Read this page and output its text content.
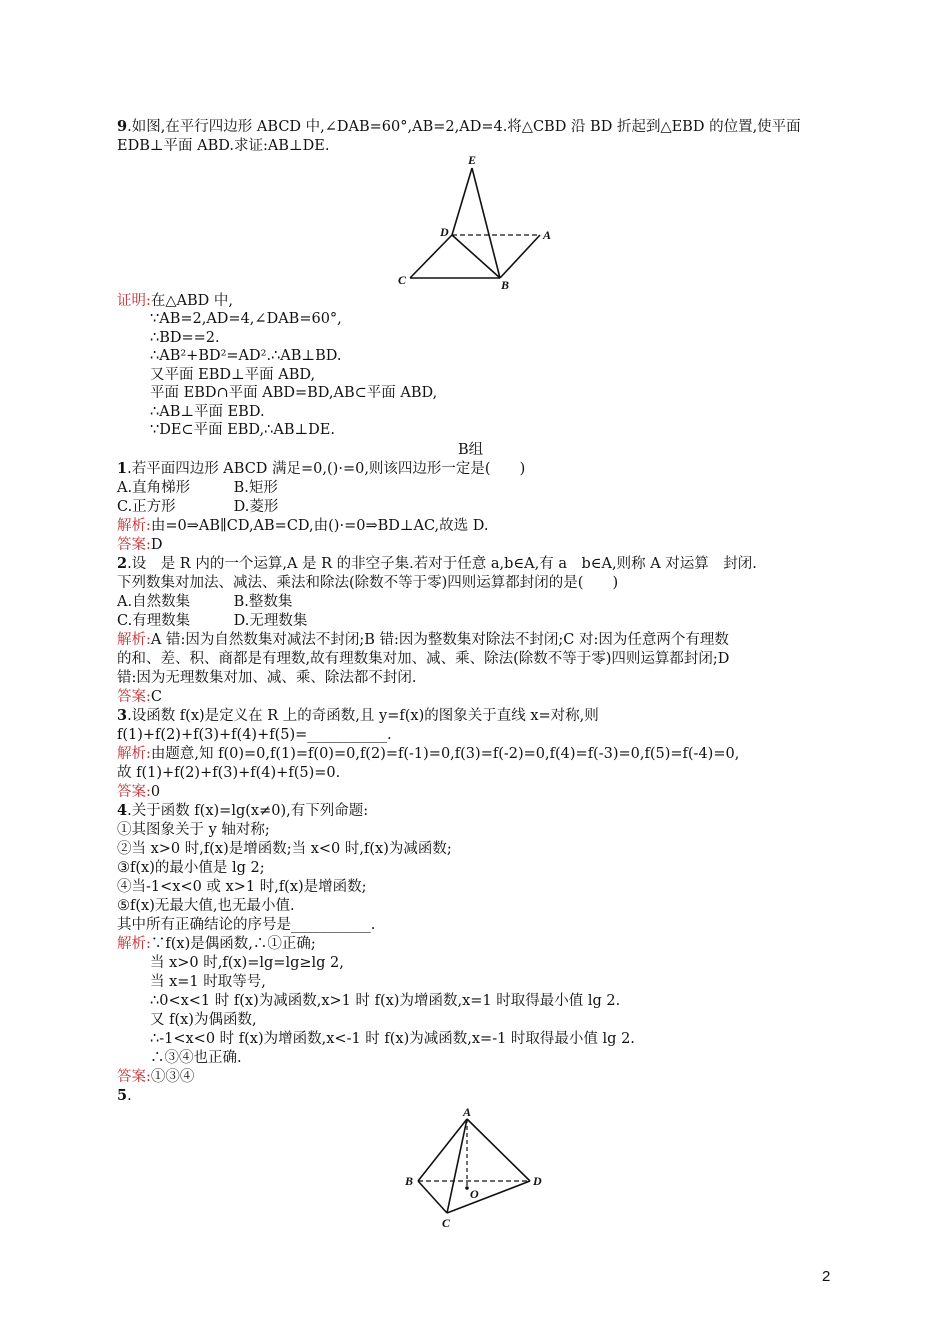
9.如图,在平行四边形 ABCD 中,∠DAB=60°,AB=2,AD=4.将△CBD 沿 BD 折起到△EBD 的位置,使平面
EDB⊥平面 ABD.求证:AB⊥DE.
证明:在△ABD 中,
∵AB=2,AD=4,∠DAB=60°,
∴BD==2.
∴AB²+BD²=AD².∴AB⊥BD.
又平面 EBD⊥平面 ABD,
平面 EBD∩平面 ABD=BD,AB⊂平面 ABD,
∴AB⊥平面 EBD.
∵DE⊂平面 EBD,∴AB⊥DE.
B组
1.若平面四边形 ABCD 满足=0,()·=0,则该四边形一定是(　　)
A.直角梯形　　　B.矩形
C.正方形　　　　D.菱形
解析:由=0⇒AB∥CD,AB=CD,由()·=0⇒BD⊥AC,故选 D.
答案:D
2.设　是 R 内的一个运算,A 是 R 的非空子集.若对于任意 a,b∈A,有 a　b∈A,则称 A 对运算　封闭.
下列数集对加法、减法、乘法和除法(除数不等于零)四则运算都封闭的是(　　)
A.自然数集　　　B.整数集
C.有理数集　　　D.无理数集
解析:A 错:因为自然数集对减法不封闭;B 错:因为整数集对除法不封闭;C 对:因为任意两个有理数
的和、差、积、商都是有理数,故有理数集对加、减、乘、除法(除数不等于零)四则运算都封闭;D
错:因为无理数集对加、减、乘、除法都不封闭.
答案:C
3.设函数 f(x)是定义在 R 上的奇函数,且 y=f(x)的图象关于直线 x=对称,则
f(1)+f(2)+f(3)+f(4)+f(5)=___________.
解析:由题意,知 f(0)=0,f(1)=f(0)=0,f(2)=f(-1)=0,f(3)=f(-2)=0,f(4)=f(-3)=0,f(5)=f(-4)=0,
故 f(1)+f(2)+f(3)+f(4)+f(5)=0.
答案:0
4.关于函数 f(x)=lg(x≠0),有下列命题:
①其图象关于 y 轴对称;
②当 x>0 时,f(x)是增函数;当 x<0 时,f(x)为减函数;
③f(x)的最小值是 lg 2;
④当-1<x<0 或 x>1 时,f(x)是增函数;
⑤f(x)无最大值,也无最小值.
其中所有正确结论的序号是___________.
解析:∵f(x)是偶函数,∴①正确;
当 x>0 时,f(x)=lg=lg≥lg 2,
当 x=1 时取等号,
∴0<x<1 时 f(x)为减函数,x>1 时 f(x)为增函数,x=1 时取得最小值 lg 2.
又 f(x)为偶函数,
∴-1<x<0 时 f(x)为增函数,x<-1 时 f(x)为减函数,x=-1 时取得最小值 lg 2.
∴③④也正确.
答案:①③④
5.
E
D	A
C	B
A
B	D
O
C
2
